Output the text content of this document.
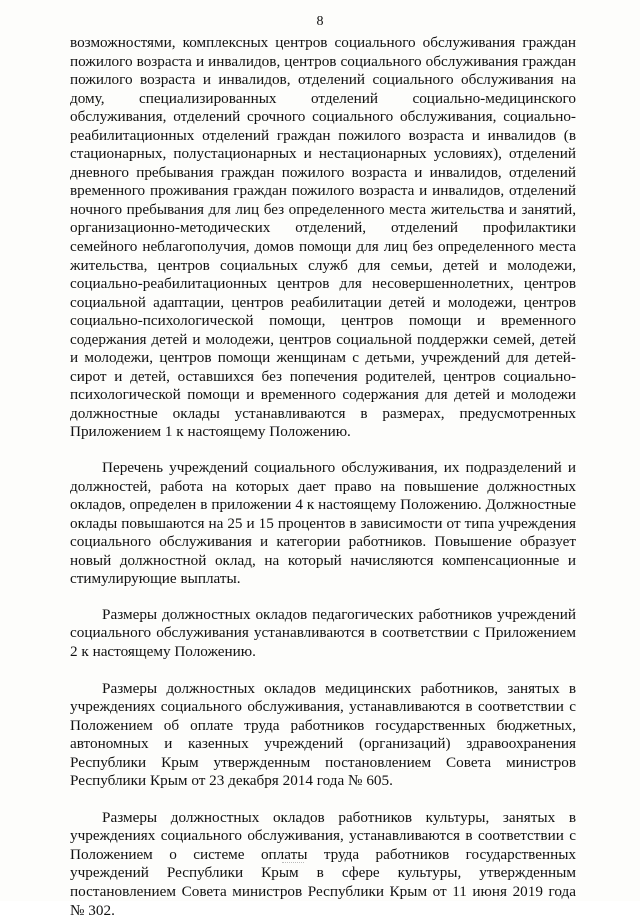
8

возможностями, комплексных центров социального обслуживания граждан пожилого возраста и инвалидов, центров социального обслуживания граждан пожилого возраста и инвалидов, отделений социального обслуживания на дому, специализированных отделений социально-медицинского обслуживания, отделений срочного социального обслуживания, социально-реабилитационных отделений граждан пожилого возраста и инвалидов (в стационарных, полустационарных и нестационарных условиях), отделений дневного пребывания граждан пожилого возраста и инвалидов, отделений временного проживания граждан пожилого возраста и инвалидов, отделений ночного пребывания для лиц без определенного места жительства и занятий, организационно-методических отделений, отделений профилактики семейного неблагополучия, домов помощи для лиц без определенного места жительства, центров социальных служб для семьи, детей и молодежи, социально-реабилитационных центров для несовершеннолетних, центров социальной адаптации, центров реабилитации детей и молодежи, центров социально-психологической помощи, центров помощи и временного содержания детей и молодежи, центров социальной поддержки семей, детей и молодежи, центров помощи женщинам с детьми, учреждений для детей-сирот и детей, оставшихся без попечения родителей, центров социально-психологической помощи и временного содержания для детей и молодежи должностные оклады устанавливаются в размерах, предусмотренных Приложением 1 к настоящему Положению.

Перечень учреждений социального обслуживания, их подразделений и должностей, работа на которых дает право на повышение должностных окладов, определен в приложении 4 к настоящему Положению. Должностные оклады повышаются на 25 и 15 процентов в зависимости от типа учреждения социального обслуживания и категории работников. Повышение образует новый должностной оклад, на который начисляются компенсационные и стимулирующие выплаты.

Размеры должностных окладов педагогических работников учреждений социального обслуживания устанавливаются в соответствии с Приложением 2 к настоящему Положению.

Размеры должностных окладов медицинских работников, занятых в учреждениях социального обслуживания, устанавливаются в соответствии с Положением об оплате труда работников государственных бюджетных, автономных и казенных учреждений (организаций) здравоохранения Республики Крым утвержденным постановлением Совета министров Республики Крым от 23 декабря 2014 года № 605.

Размеры должностных окладов работников культуры, занятых в учреждениях социального обслуживания, устанавливаются в соответствии с Положением о системе оплаты труда работников государственных учреждений Республики Крым в сфере культуры, утвержденным постановлением Совета министров Республики Крым от 11 июня 2019 года № 302.
